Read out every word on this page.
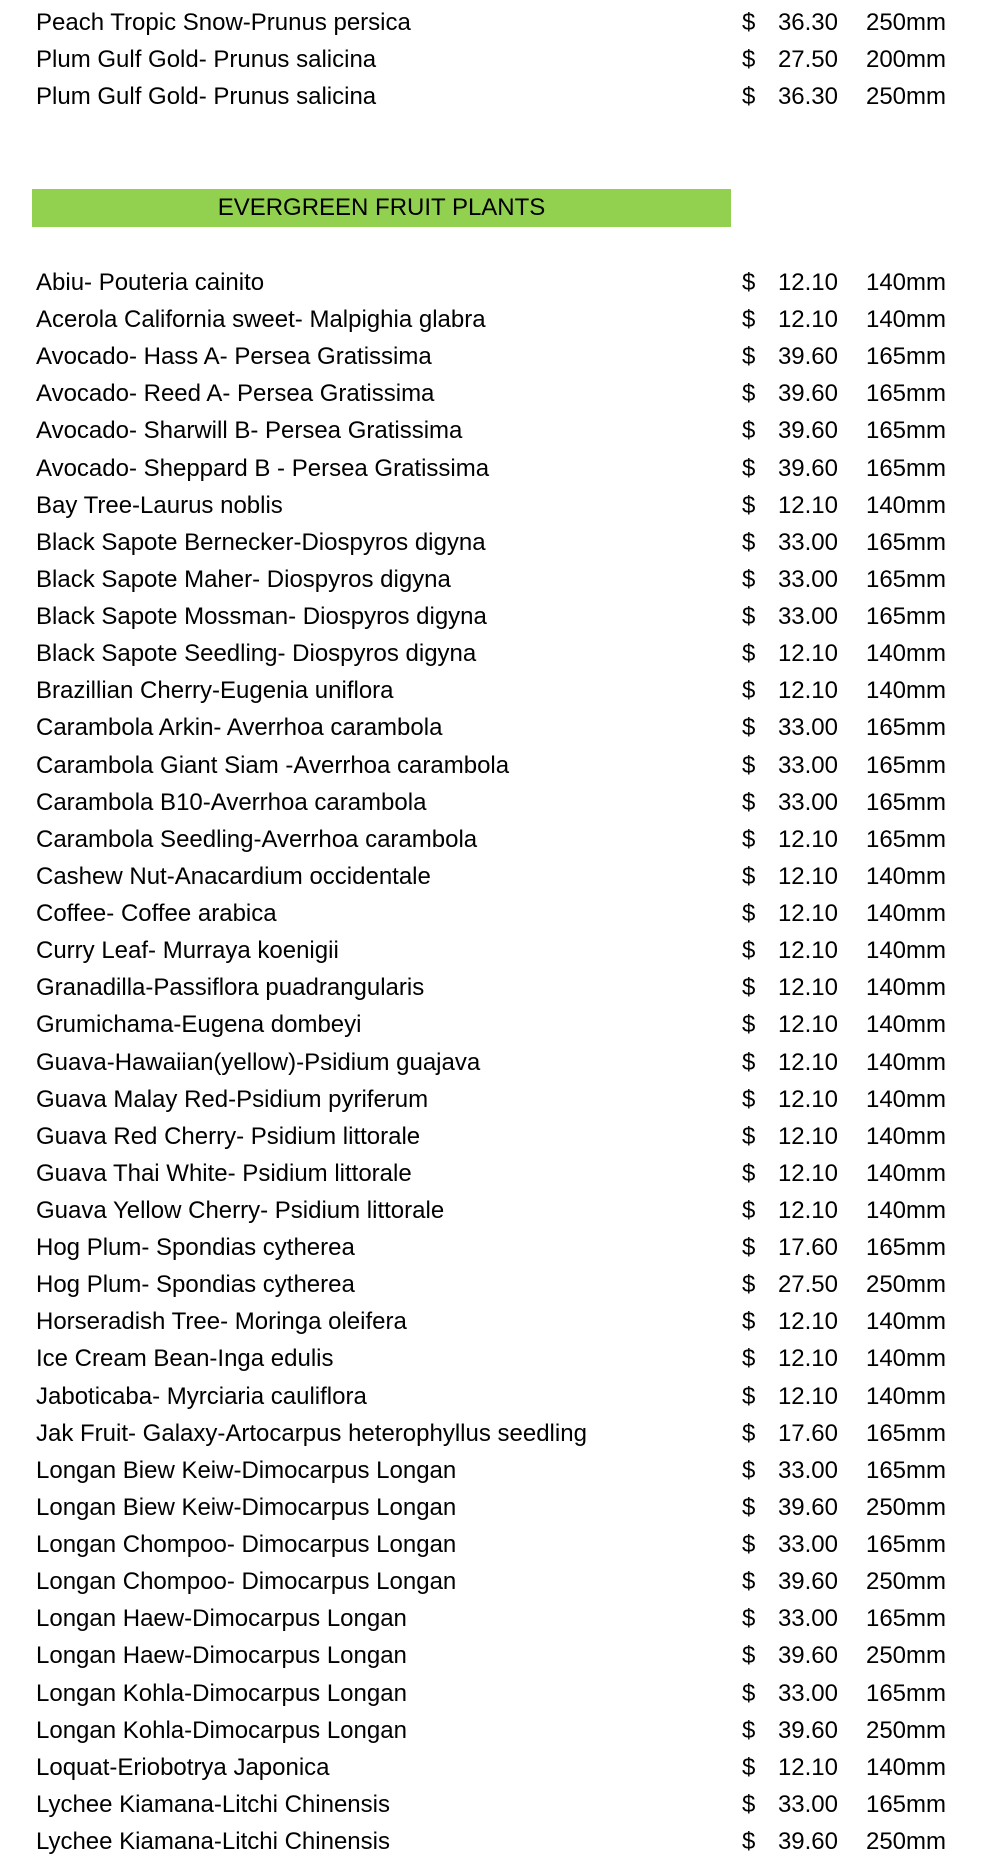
Peach Tropic Snow-Prunus persica	$ 36.30 250mm
Plum Gulf Gold- Prunus salicina	$ 27.50 200mm
Plum Gulf Gold- Prunus salicina	$ 36.30 250mm
EVERGREEN FRUIT PLANTS
Abiu- Pouteria cainito	$ 12.10 140mm
Acerola California sweet- Malpighia glabra	$ 12.10 140mm
Avocado- Hass A- Persea Gratissima	$ 39.60 165mm
Avocado- Reed A- Persea Gratissima	$ 39.60 165mm
Avocado- Sharwill B- Persea Gratissima	$ 39.60 165mm
Avocado- Sheppard B - Persea Gratissima	$ 39.60 165mm
Bay Tree-Laurus noblis	$ 12.10 140mm
Black Sapote Bernecker-Diospyros digyna	$ 33.00 165mm
Black Sapote Maher- Diospyros digyna	$ 33.00 165mm
Black Sapote Mossman- Diospyros digyna	$ 33.00 165mm
Black Sapote Seedling- Diospyros digyna	$ 12.10 140mm
Brazillian Cherry-Eugenia uniflora	$ 12.10 140mm
Carambola Arkin- Averrhoa carambola	$ 33.00 165mm
Carambola Giant Siam -Averrhoa carambola	$ 33.00 165mm
Carambola B10-Averrhoa carambola	$ 33.00 165mm
Carambola Seedling-Averrhoa carambola	$ 12.10 165mm
Cashew Nut-Anacardium occidentale	$ 12.10 140mm
Coffee- Coffee arabica	$ 12.10 140mm
Curry Leaf- Murraya koenigii	$ 12.10 140mm
Granadilla-Passiflora puadrangularis	$ 12.10 140mm
Grumichama-Eugena dombeyi	$ 12.10 140mm
Guava-Hawaiian(yellow)-Psidium guajava	$ 12.10 140mm
Guava Malay Red-Psidium pyriferum	$ 12.10 140mm
Guava Red Cherry- Psidium littorale	$ 12.10 140mm
Guava Thai White- Psidium littorale	$ 12.10 140mm
Guava Yellow Cherry- Psidium littorale	$ 12.10 140mm
Hog Plum- Spondias cytherea	$ 17.60 165mm
Hog Plum- Spondias cytherea	$ 27.50 250mm
Horseradish Tree- Moringa oleifera	$ 12.10 140mm
Ice Cream Bean-Inga edulis	$ 12.10 140mm
Jaboticaba- Myrciaria cauliflora	$ 12.10 140mm
Jak Fruit- Galaxy-Artocarpus heterophyllus seedling	$ 17.60 165mm
Longan Biew Keiw-Dimocarpus Longan	$ 33.00 165mm
Longan Biew Keiw-Dimocarpus Longan	$ 39.60 250mm
Longan Chompoo- Dimocarpus Longan	$ 33.00 165mm
Longan Chompoo- Dimocarpus Longan	$ 39.60 250mm
Longan Haew-Dimocarpus Longan	$ 33.00 165mm
Longan Haew-Dimocarpus Longan	$ 39.60 250mm
Longan Kohla-Dimocarpus Longan	$ 33.00 165mm
Longan Kohla-Dimocarpus Longan	$ 39.60 250mm
Loquat-Eriobotrya Japonica	$ 12.10 140mm
Lychee Kiamana-Litchi Chinensis	$ 33.00 165mm
Lychee Kiamana-Litchi Chinensis	$ 39.60 250mm
